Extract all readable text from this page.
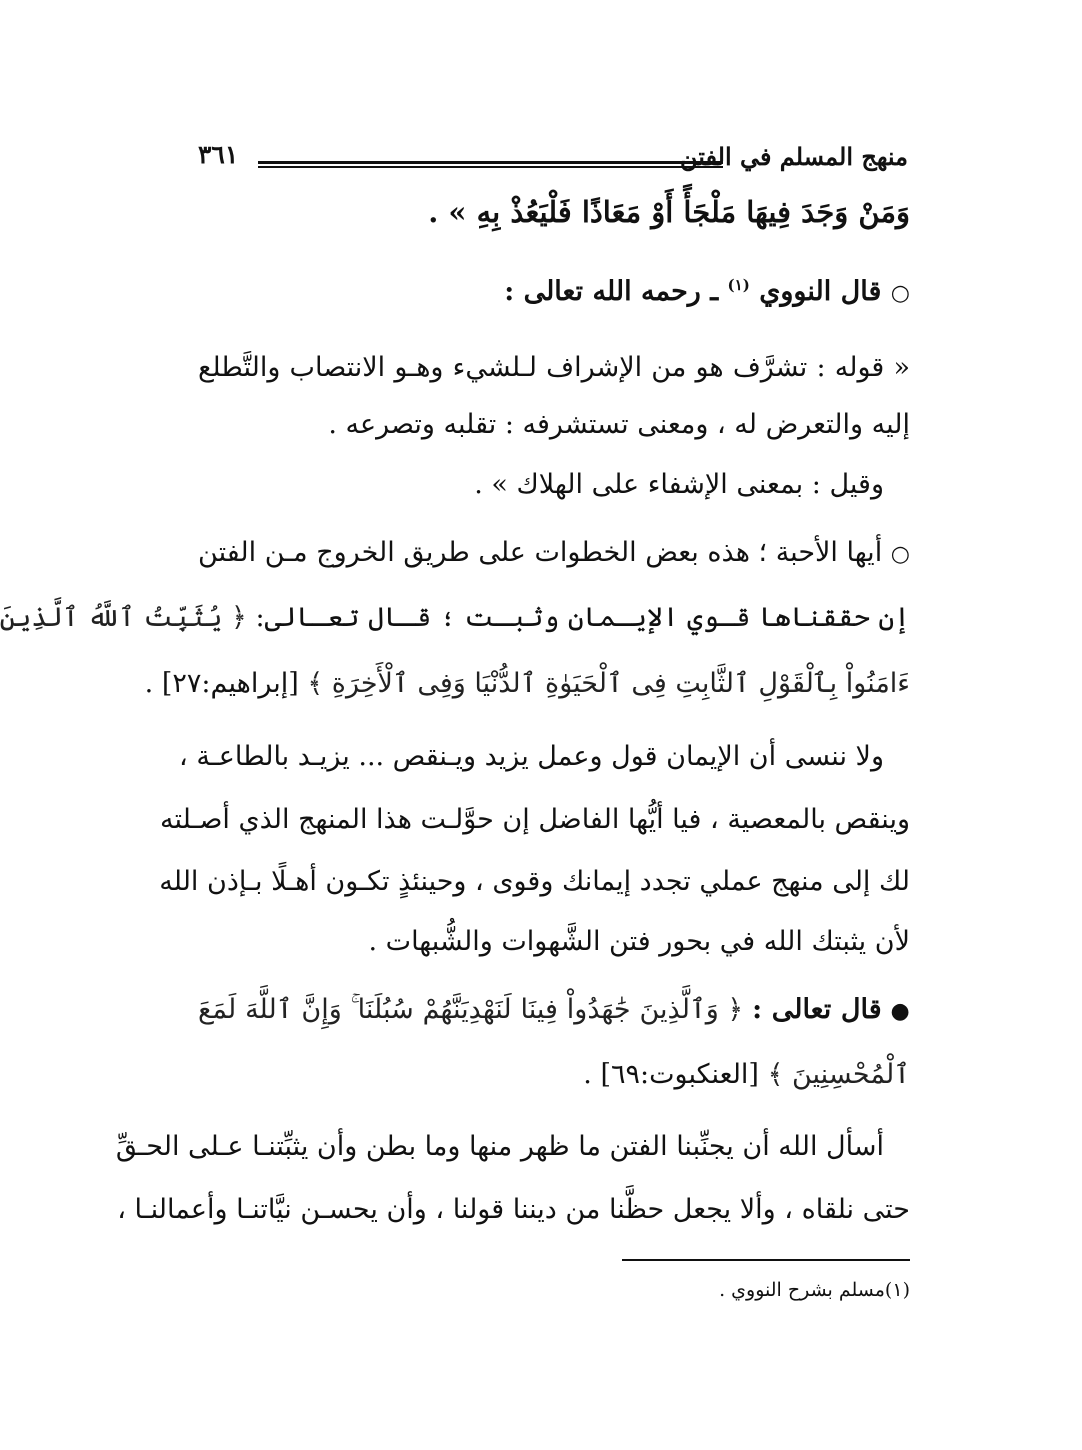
منهج المسلم في الفتن
٣٦١
وَمَنْ وَجَدَ فِيهَا مَلْجَأً أَوْ مَعَاذًا فَلْيَعُذْ بِهِ » .
○ قال النووي $^{(١)}$ ـ رحمه الله تعالى :
« قوله : تشرَّف هو من الإشراف لـلشيء وهـو الانتصاب والتَّطلع
إليه والتعرض له ، ومعنى تستشرفه : تقلبه وتصرعه .
وقيل : بمعنى الإشفاء على الهلاك » .
○ أيها الأحبة ؛ هذه بعض الخطوات على طريق الخروج مـن الفتن
إن حققناها قـوي الإيـمان وثبـت ؛ قـال تعـالى: ﴿ يُثَبِّتُ ٱللَّهُ ٱلَّذِينَ
ءَامَنُواْ بِٱلْقَوْلِ ٱلثَّابِتِ فِى ٱلْحَيَوٰةِ ٱلدُّنْيَا وَفِى ٱلْأَخِرَةِ ﴾ [إبراهيم:٢٧] .
ولا ننسى أن الإيمان قول وعمل يزيد ويـنقص ... يزيـد بالطاعـة ،
وينقص بالمعصية ، فيا أيُّها الفاضل إن حوَّلـت هذا المنهج الذي أصـلته
لك إلى منهج عملي تجدد إيمانك وقوى ، وحينئذٍ تكـون أهـلًا بـإذن الله
لأن يثبتك الله في بحور فتن الشَّهوات والشُّبهات .
● قال تعالى : ﴿ وَٱلَّذِينَ جَٰهَدُواْ فِينَا لَنَهْدِيَنَّهُمْ سُبُلَنَا ۚ وَإِنَّ ٱللَّهَ لَمَعَ
ٱلْمُحْسِنِينَ ﴾ [العنكبوت:٦٩] .
أسأل الله أن يجنِّبنا الفتن ما ظهر منها وما بطن وأن يثبِّتنـا عـلى الحـقِّ
حتى نلقاه ، وألا يجعل حظَّنا من ديننا قولنا ، وأن يحسـن نيَّاتنـا وأعمالنـا ،
(١)مسلم بشرح النووي .
